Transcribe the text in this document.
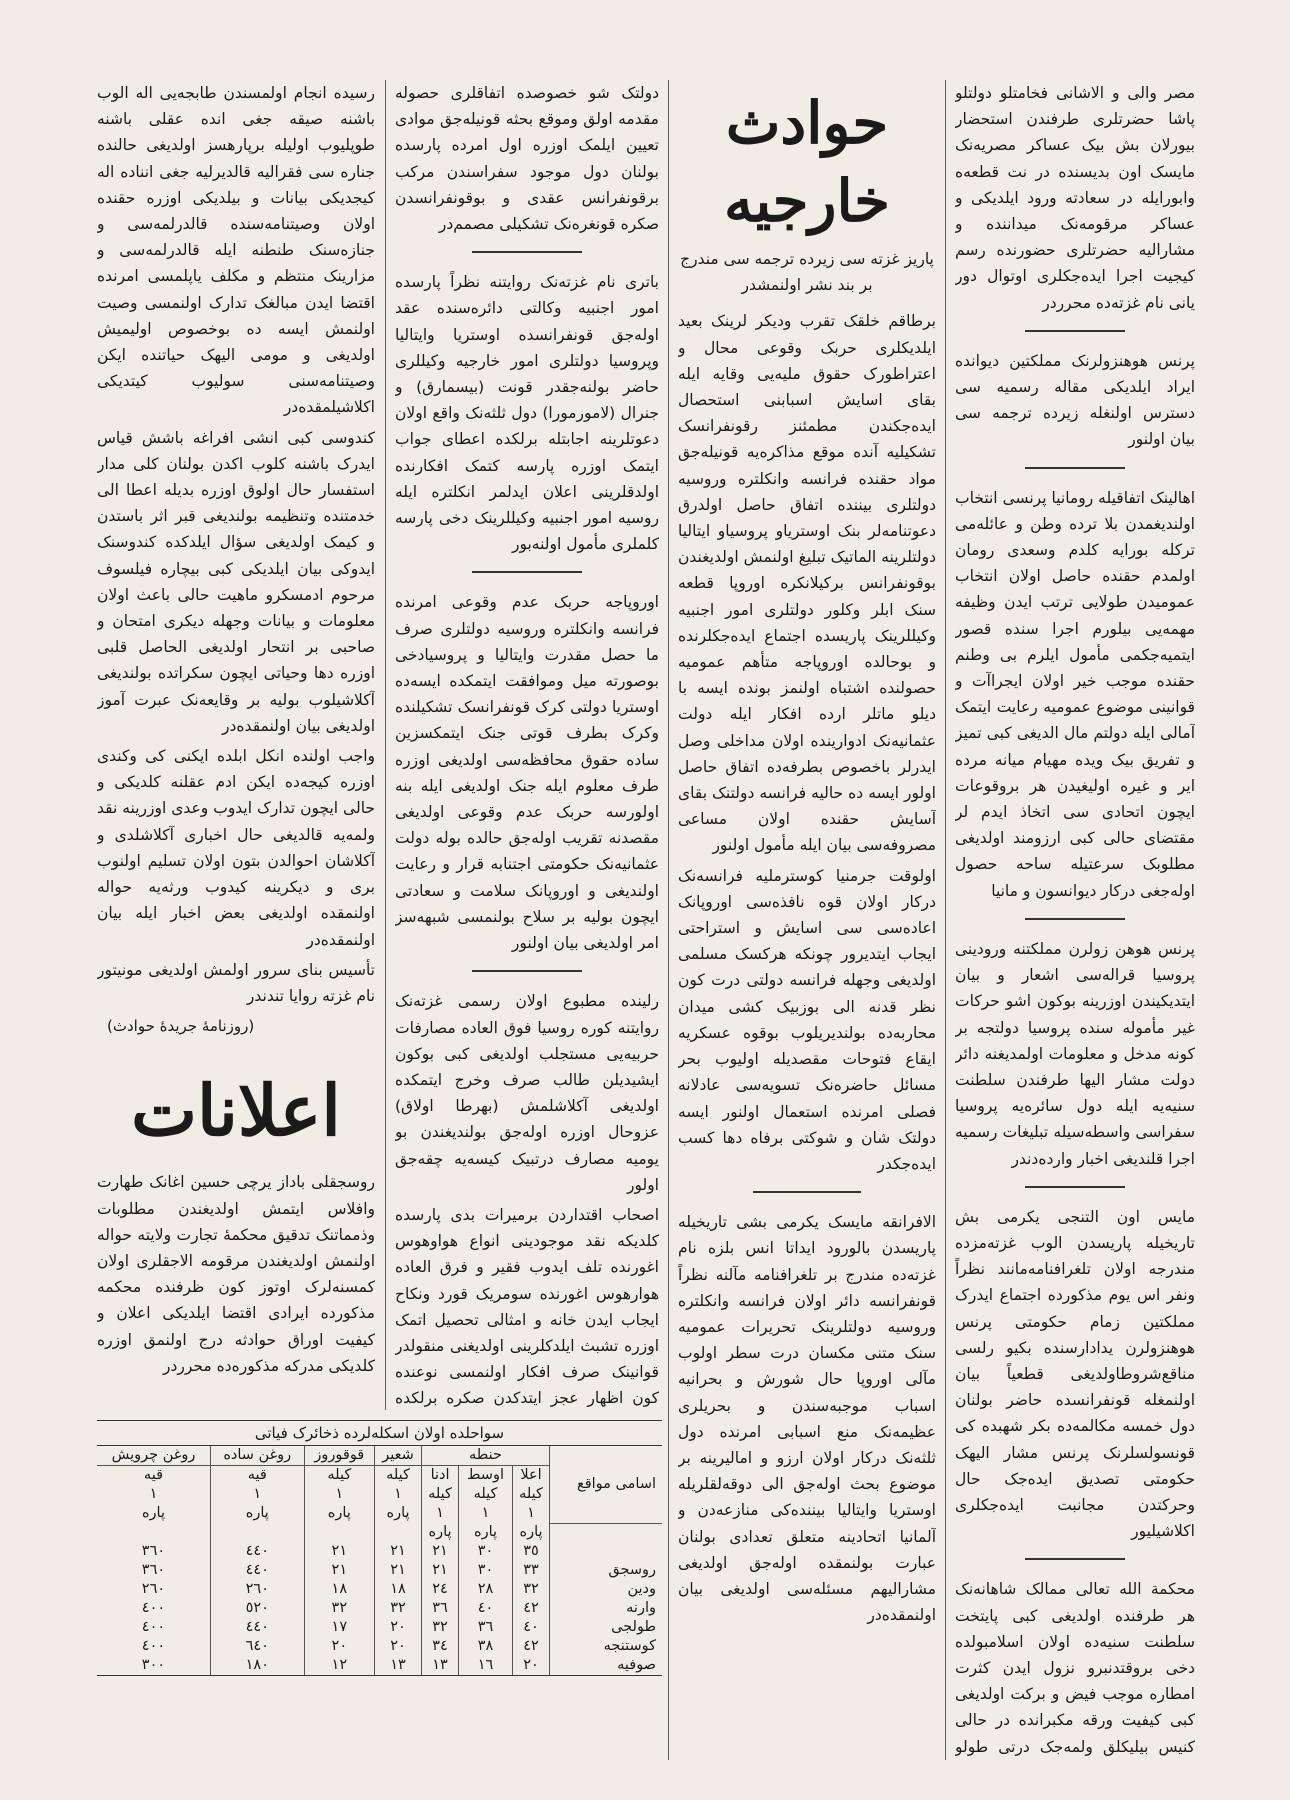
مصر والی‌ و الاشانی فخامتلو دولتلو پاشا حضرتلری طرفندن استحضار بیورلان بش بیک عساکر مصریه‌نک مایسک اون بدیسنده در نت قطعه‌ه وابورایله در سعادته ورود ایلدیکی و عساکر مرقومه‌نک میداننده و مشارالیه حضرتلری حضورنده رسم کیجیت اجرا ایده‌جکلری اوتوال دور یانی نام غزته‌ده محرردر

پرنس هوهنزولرنک مملکتین دیوانده ایراد ایلدیکی مقاله رسمیه سی دسترس اولنغله زیرده ترجمه سی بیان اولنور

اهالینک اتفاقیله رومانیا پرنسی انتخاب اولندیغمدن بلا ترده وطن و عائله‌می ترکله بورایه کلدم وسعدی رومان اولمدم حقنده حاصل اولان انتخاب عمومیدن طولایی ترتب ایدن وظیفه مهمه‌یی بیلورم اجرا سنده قصور ایتمیه‌جکمی مأمول ایلرم بی وطنم حقنده موجب خیر اولان ایجراآت و قوانینی موضوع عمومیه رعایت ایتمک آمالی ایله دولتم مال الدیغی کبی تمیز و تفریق بیک ویده مهیام میانه مرده ایر و غیره اولیغیدن هر بروقوعات ایچون اتحادی سی اتخاذ ایدم لر مقتضای حالی کبی ارزومند اولدیغی مطلوبک سرعتیله ساحه حصول اوله‌جغی درکار دیوانسون و مانیا

پرنس هوهن زولرن مملکتنه ورودینی پروسیا قراله‌سی اشعار و بیان ایتدیکیندن اوزرینه بوکون اشو حرکات غیر مأموله سنده پروسیا دولتجه بر کونه مدخل و معلومات اولمدیغنه دائر دولت مشار الیها طرفندن سلطنت سنیه‌یه ایله دول سائره‌یه پروسیا سفراسی واسطه‌سیله تبلیغات رسمیه اجرا قلندیغی اخبار وارده‌دندر

مایس اون التنجی یکرمی بش تاریخیله پاریسدن الوب غزته‌مزده مندرجه اولان تلغرافنامه‌مانند نظراً ونفر اس یوم مذکورده اجتماع ایدرک مملکتین زمام حکومتی پرنس هوهنزولرن یدادارسنده بکیو رلسی مناقع‌شروطاولدیغی قطعیاً بیان اولنمغله قونفرانسده حاضر بولنان دول خمسه مکالمه‌ده بکر شهبده کی قونسولسلرنک پرنس مشار الیهک حکومتی تصدیق ایده‌جک حال وحرکتدن مجانبت ایده‌جکلری اکلاشیلیور

محکمة الله تعالی ممالک شاهانه‌نک هر طرفنده اولدیغی کبی پایتخت سلطنت سنیه‌ده اولان اسلامبولده دخی بروقتدنبرو نزول ایدن کثرت امطاره موجب فیض و برکت اولدیغی کبی کیفیت ورقه مکبرانده در حالی کنیس بیلیکلق ولمه‌جک درتی طولو

حوادث خارجیه
پاریز غزته سی زیرده ترجمه سی مندرج بر بند نشر اولنمشدر

برطاقم خلقک تقرب ودیکر لرینک بعید ایلدیکلری حربک وقوعی محال و اعتراطورک حقوق ملیه‌یی وقایه ایله بقای اسایش اسبابنی استحصال ایده‌جکندن مطمئنز رقونفرانسک تشکیلیه آنده موقع مذاکره‌یه قونیله‌جق مواد حقنده فرانسه وانکلتره وروسیه دولتلری بیننده اتفاق حاصل اولدرق دعوتنامه‌لر بنک اوستریاو پروسیاو ایتالیا دولتلرینه الماتیک تبلیغ اولنمش اولدیغندن بوقونفرانس برکیلانکره اوروپا قطعه سنک ابلر وکلور دولتلری امور اجنبیه وکیللرینک پاریسده اجتماع ایده‌جکلرنده و بوحالده اوروپاجه متأهم عمومیه حصولنده اشتباه اولنمز بونده ایسه با دیلو ماتلر ارده افکار ایله دولت عثمانیه‌نک ادوارینده اولان مداخلی وصل ایدرلر باخصوص بطرفه‌ده اتفاق حاصل اولور ایسه ده حالیه فرانسه دولتنک بقای آسایش حقنده اولان مساعی مصروفه‌سی بیان ایله مأمول اولنور

اولوقت جرمنیا کوسترملیه فرانسه‌نک درکار اولان قوه نافذه‌سی اوروپانک اعاده‌سی سی اسایش و استراحتی ایجاب ایتدیرور چونکه هرکسک مسلمی اولدیغی وجهله فرانسه دولتی درت کون نظر قدنه الی بوزبیک کشی میدان محاربه‌ده بولندیریلوب بوقوه عسکریه ایقاع فتوحات مقصدیله اولیوب بحر مسائل حاضره‌نک تسویه‌سی عادلانه فصلی امرنده استعمال اولنور ایسه دولتک شان و شوکتی برفاه دها کسب ایده‌جکدر

الافرانقه مایسک یکرمی بشی تاریخیله پاریسدن بالورود ایداتا انس بلزه نام غزته‌ده مندرج بر تلغرافنامه مآلنه نظراً قونفرانسه دائر اولان فرانسه وانکلتره وروسیه دولتلرینک تحریرات عمومیه سنک متنی مکسان درت سطر اولوب مآلی اوروپا حال شورش و بحرانیه اسباب موجبه‌سندن و بحریلری عظیمه‌نک منع اسبابی امرنده دول ثلثه‌نک درکار اولان ارزو و امالیرینه بر موضوع بحث اوله‌جق الی دوقه‌لقلریله اوستریا وایتالیا بیننده‌کی منازعه‌دن و آلمانیا اتحادینه متعلق تعدادی بولنان عبارت بولنمقده اوله‌جق اولدیغی مشارالیهم مسئله‌سی اولدیغی بیان اولنمقده‌در

دولتک شو خصوصده اتفاقلری حصوله مقدمه اولق وموقع بحثه قونیله‌جق موادی تعیین ایلمک اوزره اول امرده پارسده بولنان دول موجود سفراسندن مرکب برقونفرانس عقدی و بوقونفرانسدن صکره قونغره‌نک تشکیلی مصمم‌در

باتری نام غزته‌نک روایتنه نظراً پارسده امور اجنبیه وکالتی دائره‌سنده عقد اوله‌جق قونفرانسده اوستریا وایتالیا وپروسیا دولتلری امور خارجیه وکیللری حاضر بولنه‌جقدر قونت (بیسمارق) و جنرال (لامورمورا) دول ثلثه‌نک واقع اولان دعوتلرینه اجابتله برلکده اعطای جواب ایتمک اوزره پارسه کتمک افکارنده اولدقلرینی اعلان ایدلمر انکلتره ایله روسیه امور اجنبیه وکیللرینک دخی پارسه کلملری مأمول اولنه‌بور

اوروپاجه حربک عدم وقوعی امرنده فرانسه وانکلتره وروسیه دولتلری صرف ما حصل مقدرت وایتالیا و پروسیادخی بوصورته میل وموافقت ایتمکده ایسه‌ده اوستریا دولتی کرک قونفرانسک تشکیلنده وکرک بطرف قوتی جنک ایتمکسزین ساده حقوق محافظه‌سی اولدیغی اوزره طرف معلوم ایله جنک اولدیغی ایله بنه اولورسه حربک عدم وقوعی اولدیغی مقصدنه تقریب اوله‌جق حالده بوله دولت عثمانیه‌نک حکومتی اجتنابه قرار و رعایت اولندیغی و اوروپانک سلامت و سعادتی ایچون بولیه بر سلاح بولنمسی شبهه‌سز امر اولدیغی بیان اولنور

رلینده مطبوع اولان رسمی غزته‌نک روایتنه کوره روسیا فوق العاده مصارفات حربیه‌یی مستجلب اولدیغی کبی بوکون ایشیدیلن طالب صرف وخرج ایتمکده اولدیغی آکلاشلمش (بهرطا اولاق) عزوحال اوزره اوله‌جق بولندیغندن بو یومیه مصارف درتبیک کیسه‌یه چقه‌جق اولور

اصحاب اقتداردن برمیرات بدی پارسده کلدیکه نقد موجودینی انواع هواوهوس اغورنده تلف ایدوب فقیر و فرق العاده هوارهوس اغورنده سومریک قورد ونکاح ایجاب ایدن خانه و امثالی تحصیل اتمک اوزره تشبث ایلدکلرینی اولدیغنی منقولدر قوانینک صرف افکار اولنمسی نوعنده کون اظهار عجز ایتدکدن صکره برلکده

رسیده انجام اولمسندن طابجه‌یی اله الوب باشنه صیقه جغی انده عقلی باشنه طوپلیوب اولیله برپارهسز اولدیغی حالنده جناره سی فقرالیه قالدیرلیه جغی انناده اله کیجدیکی بیانات و بیلدیکی اوزره حقنده اولان وصیتنامه‌سنده قالدرلمه‌سی و جنازه‌سنک طنطنه ایله قالدرلمه‌سی و مزارینک منتظم و مکلف یاپلمسی امرنده اقتضا ایدن مبالغک تدارک اولنمسی وصیت اولنمش ایسه ده بوخصوص اولیمیش اولدیغی و مومی الیهک حیاتنده ایکن وصیتنامه‌سنی سولیوب کیتدیکی اکلاشیلمقده‌در

کندوسی کبی انشی افراغه باشش قیاس ایدرک باشنه کلوب اکدن بولنان کلی مدار استفسار حال اولوق اوزره بدیله اعطا الی خدمتنده وتنظیمه بولندیغی قبر اثر باستدن و کیمک اولدیغی سؤال ایلدکده کندوسنک ایدوکی بیان ایلدیکی کبی بیچاره فیلسوف مرحوم ادمسکرو ماهیت حالی باعث اولان معلومات و بیانات وجهله دیکری امتحان و صاحبی بر انتحار اولدیغی الحاصل قلبی اوزره دها وحیاتی ایچون سکراتده بولندیغی آکلاشیلوب بولیه بر وقایعه‌نک عبرت آموز اولدیغی بیان اولنمقده‌در

واجب اولنده انکل ابلده ایکنی کی وکندی اوزره کیجه‌ده ایکن ادم عقلنه کلدیکی و حالی ایچون تدارک ایدوب وعدی اوزرینه نقد ولمه‌یه قالدیغی حال اخباری آکلاشلدی و آکلاشان احوالدن بتون اولان تسلیم اولنوب بری و دیکرینه کیدوب ورثه‌یه حواله اولنمقده اولدیغی بعض اخبار ایله بیان اولنمقده‌در

تأسیس بنای سرور اولمش اولدیغی مونیتور نام غزته روایا تندندر

(روزنامۀ جریدۀ حوادث)
اعلانات

روسجقلی باداز یرچی حسین اغانک طهارت وافلاس ایتمش اولدیغندن مطلوبات وذمماتنک تدقیق محکمۀ تجارت ولایته حواله اولنمش اولدیغندن مرقومه الاجقلری اولان کمسنه‌لرک اوتوز کون ظرفنده محکمه مذکورده ایرادی اقتضا ایلدیکی اعلان و کیفیت اوراق حوادثه درج اولنمق اوزره کلدیکی مدرکه مذکوره‌ده محرردر

سواحلده اولان اسکله‌لرده ذخائرک فیاتی
اسامی مواقع	حنطه			شعیر	قوقوروز	روغن ساده	روغن چرویش
	اعلا	اوسط	ادنا	کیله	کیله	قیه	قیه
	کیله	کیله	کیله	١	١	١	١
	١	١	١	پاره	پاره	پاره	پاره
	پاره	پاره	پاره				
	٣٥	٣٠	٢١	٢١	٢١	٤٤٠	٣٦٠
روسجق	٣٣	٣٠	٢١	٢١	٢١	٤٤٠	٣٦٠
ودین	٣٢	٢٨	٢٤	١٨	١٨	٢٦٠	٢٦٠
وارنه	٤٢	٤٠	٣٦	٣٢	٣٢	٥٢٠	٤٠٠
طولجی	٤٠	٣٦	٣٢	٢٠	١٧	٤٤٠	٤٠٠
کوستنجه	٤٢	٣٨	٣٤	٢٠	٢٠	٦٤٠	٤٠٠
صوفیه	٢٠	١٦	١٣	١٣	١٢	١٨٠	٣٠٠
